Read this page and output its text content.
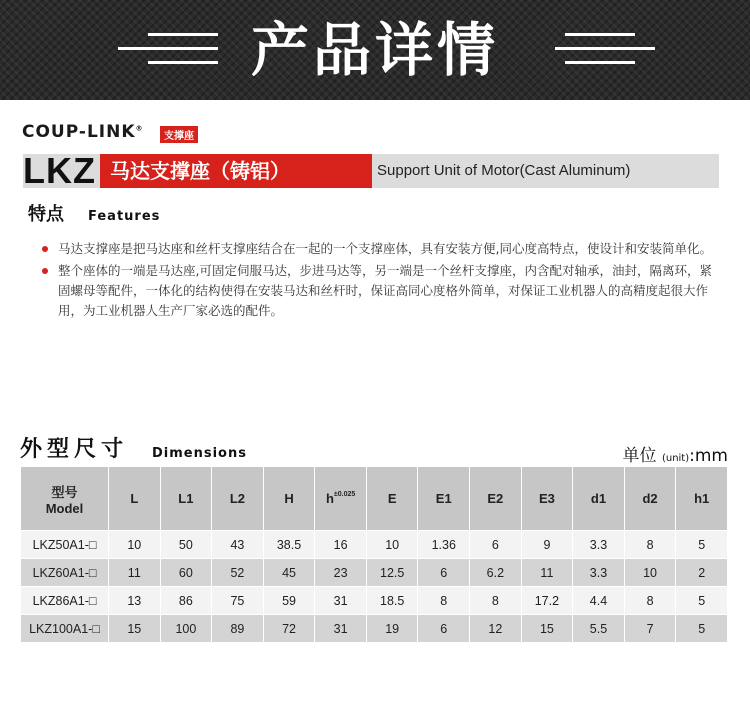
产品详情
COUP-LINK®
支撑座
LKZ 马达支撑座（铸铝）	Support Unit of Motor(Cast Aluminum)
特点 Features
马达支撑座是把马达座和丝杆支撑座结合在一起的一个支撑座体，具有安装方便,同心度高特点，使设计和安装简单化。
整个座体的一端是马达座,可固定伺服马达，步进马达等，另一端是一个丝杆支撑座，内含配对轴承，油封，隔离环，紧固螺母等配件，一体化的结构使得在安装马达和丝杆时，保证高同心度格外简单，对保证工业机器人的高精度起很大作用，为工业机器人生产厂家必选的配件。
外型尺寸 Dimensions	单位 (unit):mm
型号
Model	L	L1	L2	H	$h^{\pm 0.025}$	E	E1	E2	E3	d1	d2	h1
LKZ50A1-□	10	50	43	38.5	16	10	1.36	6	9	3.3	8	5
LKZ60A1-□	11	60	52	45	23	12.5	6	6.2	11	3.3	10	2
LKZ86A1-□	13	86	75	59	31	18.5	8	8	17.2	4.4	8	5
LKZ100A1-□	15	100	89	72	31	19	6	12	15	5.5	7	5
